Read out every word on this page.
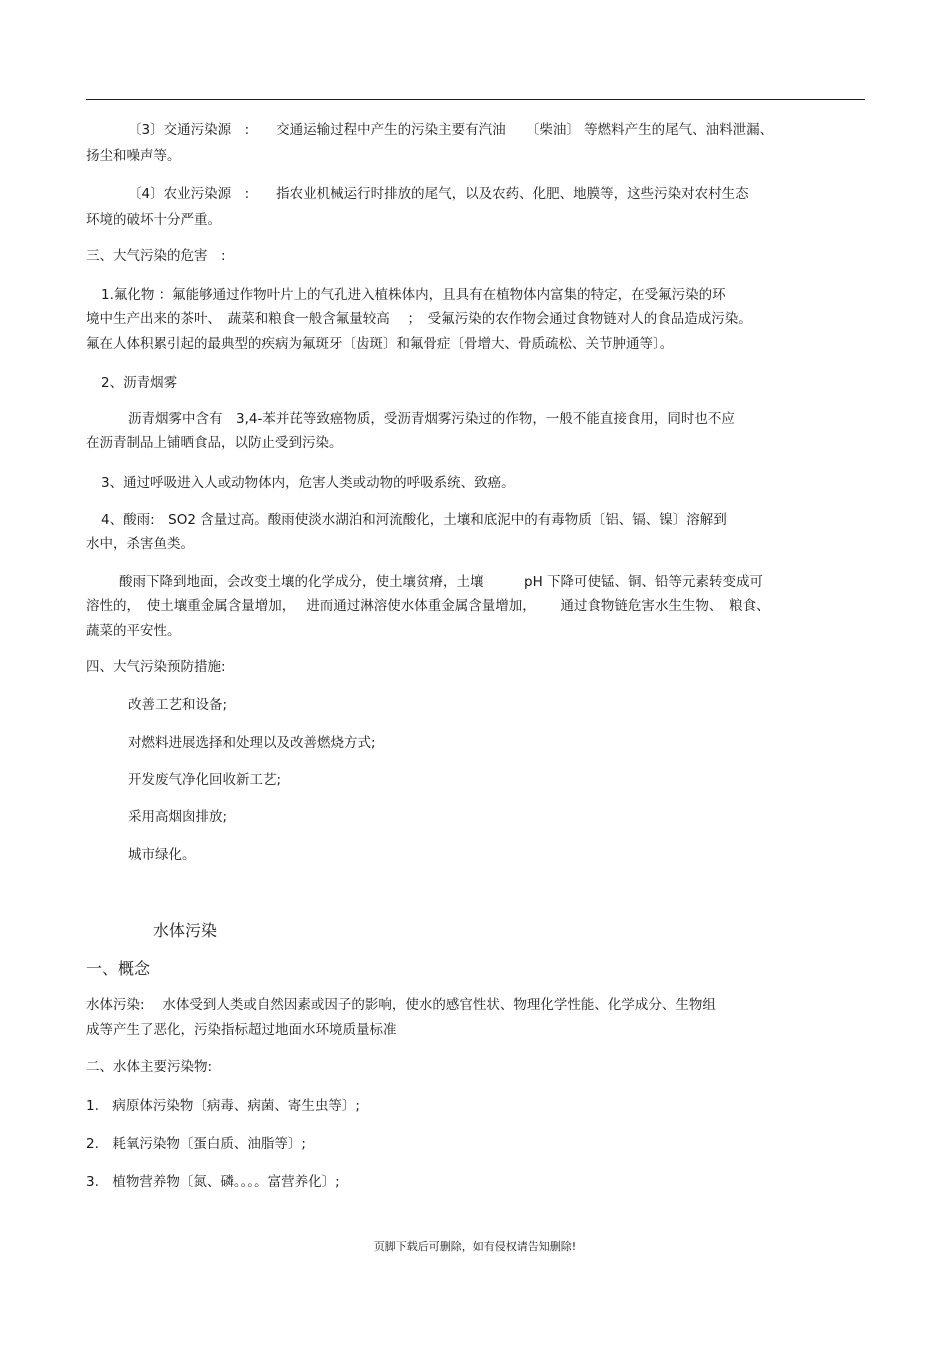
〔3〕交通污染源　:　　交通运输过程中产生的污染主要有汽油　　〔柴油〕 等燃料产生的尾气、油料泄漏、
扬尘和噪声等。
〔4〕农业污染源　:　　指农业机械运行时排放的尾气，以及农药、化肥、地膜等，这些污染对农村生态
环境的破坏十分严重。
三、大气污染的危害　:
1.氟化物 ：氟能够通过作物叶片上的气孔进入植株体内，且具有在植物体内富集的特定，在受氟污染的环
境中生产出来的茶叶、　蔬菜和粮食一般含氟量较高　 ；　受氟污染的农作物会通过食物链对人的食品造成污染。
氟在人体积累引起的最典型的疾病为氟斑牙〔齿斑〕和氟骨症〔骨增大、骨质疏松、关节肿通等〕。
2、沥青烟雾
沥青烟雾中含有　3,4-苯并芘等致癌物质，受沥青烟雾污染过的作物，一般不能直接食用，同时也不应
在沥青制品上铺晒食品，以防止受到污染。
3、通过呼吸进入人或动物体内，危害人类或动物的呼吸系统、致癌。
4、酸雨:　SO2 含量过高。酸雨使淡水湖泊和河流酸化，土壤和底泥中的有毒物质〔铝、镉、镍〕溶解到
水中，杀害鱼类。
酸雨下降到地面，会改变土壤的化学成分，使土壤贫瘠，土壤　　　pH 下降可使锰、铜、铅等元素转变成可
溶性的，　使土壤重金属含量增加，　 进而通过淋溶使水体重金属含量增加，　　 通过食物链危害水生生物、　粮食、
蔬菜的平安性。
四、大气污染预防措施:
改善工艺和设备;
对燃料进展选择和处理以及改善燃烧方式;
开发废气净化回收新工艺;
采用高烟囱排放;
城市绿化。
水体污染
一、概念
水体污染:　 水体受到人类或自然因素或因子的影响，使水的感官性状、物理化学性能、化学成分、生物组
成等产生了恶化，污染指标超过地面水环境质量标准
二、水体主要污染物:
1.　病原体污染物〔病毒、病菌、寄生虫等〕;
2.　耗氧污染物〔蛋白质、油脂等〕;
3.　植物营养物〔氮、磷。。。。富营养化〕;
页脚下载后可删除，如有侵权请告知删除!
